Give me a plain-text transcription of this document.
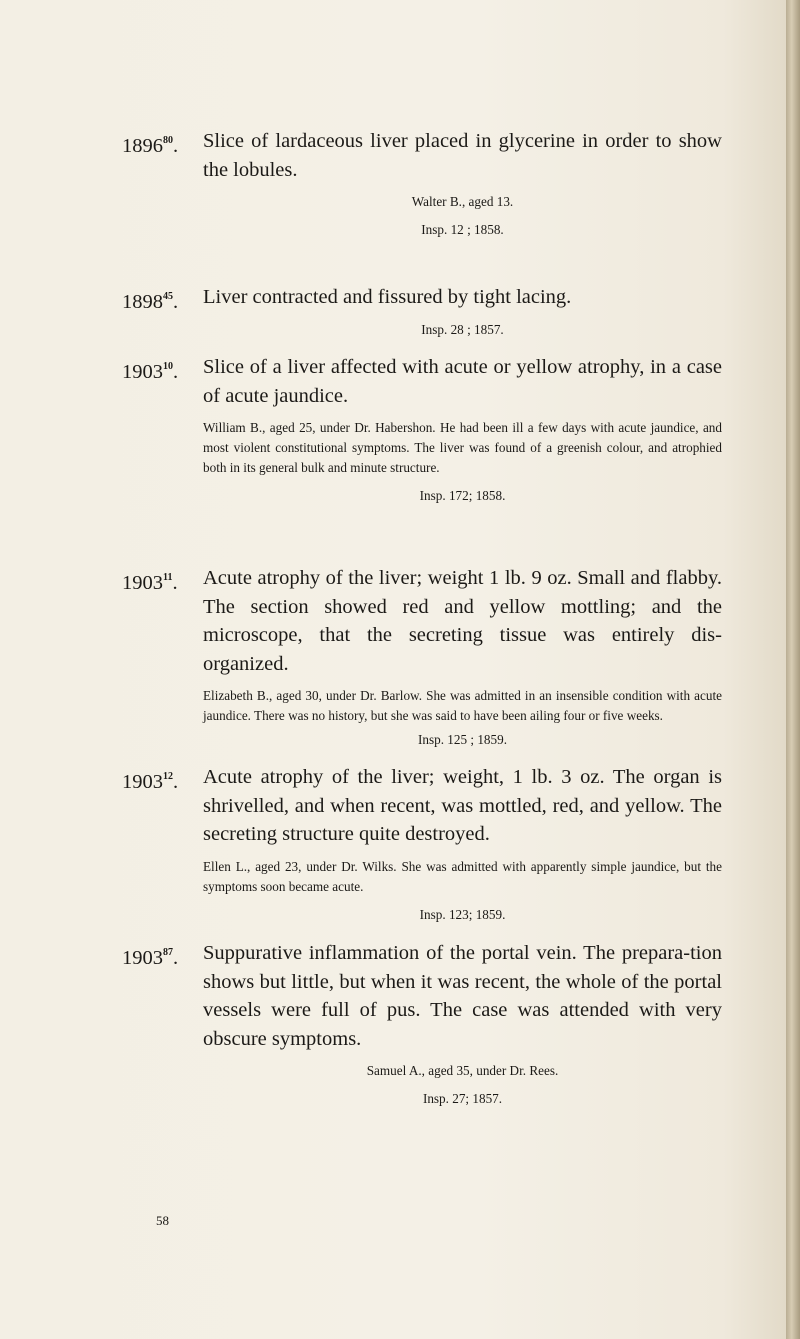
1896$^{80}$. Slice of lardaceous liver placed in glycerine in order to show the lobules.
Walter B., aged 13.
Insp. 12 ; 1858.
1898$^{45}$. Liver contracted and fissured by tight lacing.
Insp. 28 ; 1857.
1903$^{10}$. Slice of a liver affected with acute or yellow atrophy, in a case of acute jaundice.
William B., aged 25, under Dr. Habershon. He had been ill a few days with acute jaundice, and most violent constitutional symptoms. The liver was found of a greenish colour, and atrophied both in its general bulk and minute structure.
Insp. 172; 1858.
1903$^{11}$. Acute atrophy of the liver; weight 1 lb. 9 oz. Small and flabby. The section showed red and yellow mottling; and the microscope, that the secreting tissue was entirely dis-organized.
Elizabeth B., aged 30, under Dr. Barlow. She was admitted in an insensible condition with acute jaundice. There was no history, but she was said to have been ailing four or five weeks.
Insp. 125 ; 1859.
1903$^{12}$. Acute atrophy of the liver; weight, 1 lb. 3 oz. The organ is shrivelled, and when recent, was mottled, red, and yellow. The secreting structure quite destroyed.
Ellen L., aged 23, under Dr. Wilks. She was admitted with apparently simple jaundice, but the symptoms soon became acute.
Insp. 123; 1859.
1903$^{87}$. Suppurative inflammation of the portal vein. The prepara-tion shows but little, but when it was recent, the whole of the portal vessels were full of pus. The case was attended with very obscure symptoms.
Samuel A., aged 35, under Dr. Rees.
Insp. 27; 1857.
58
